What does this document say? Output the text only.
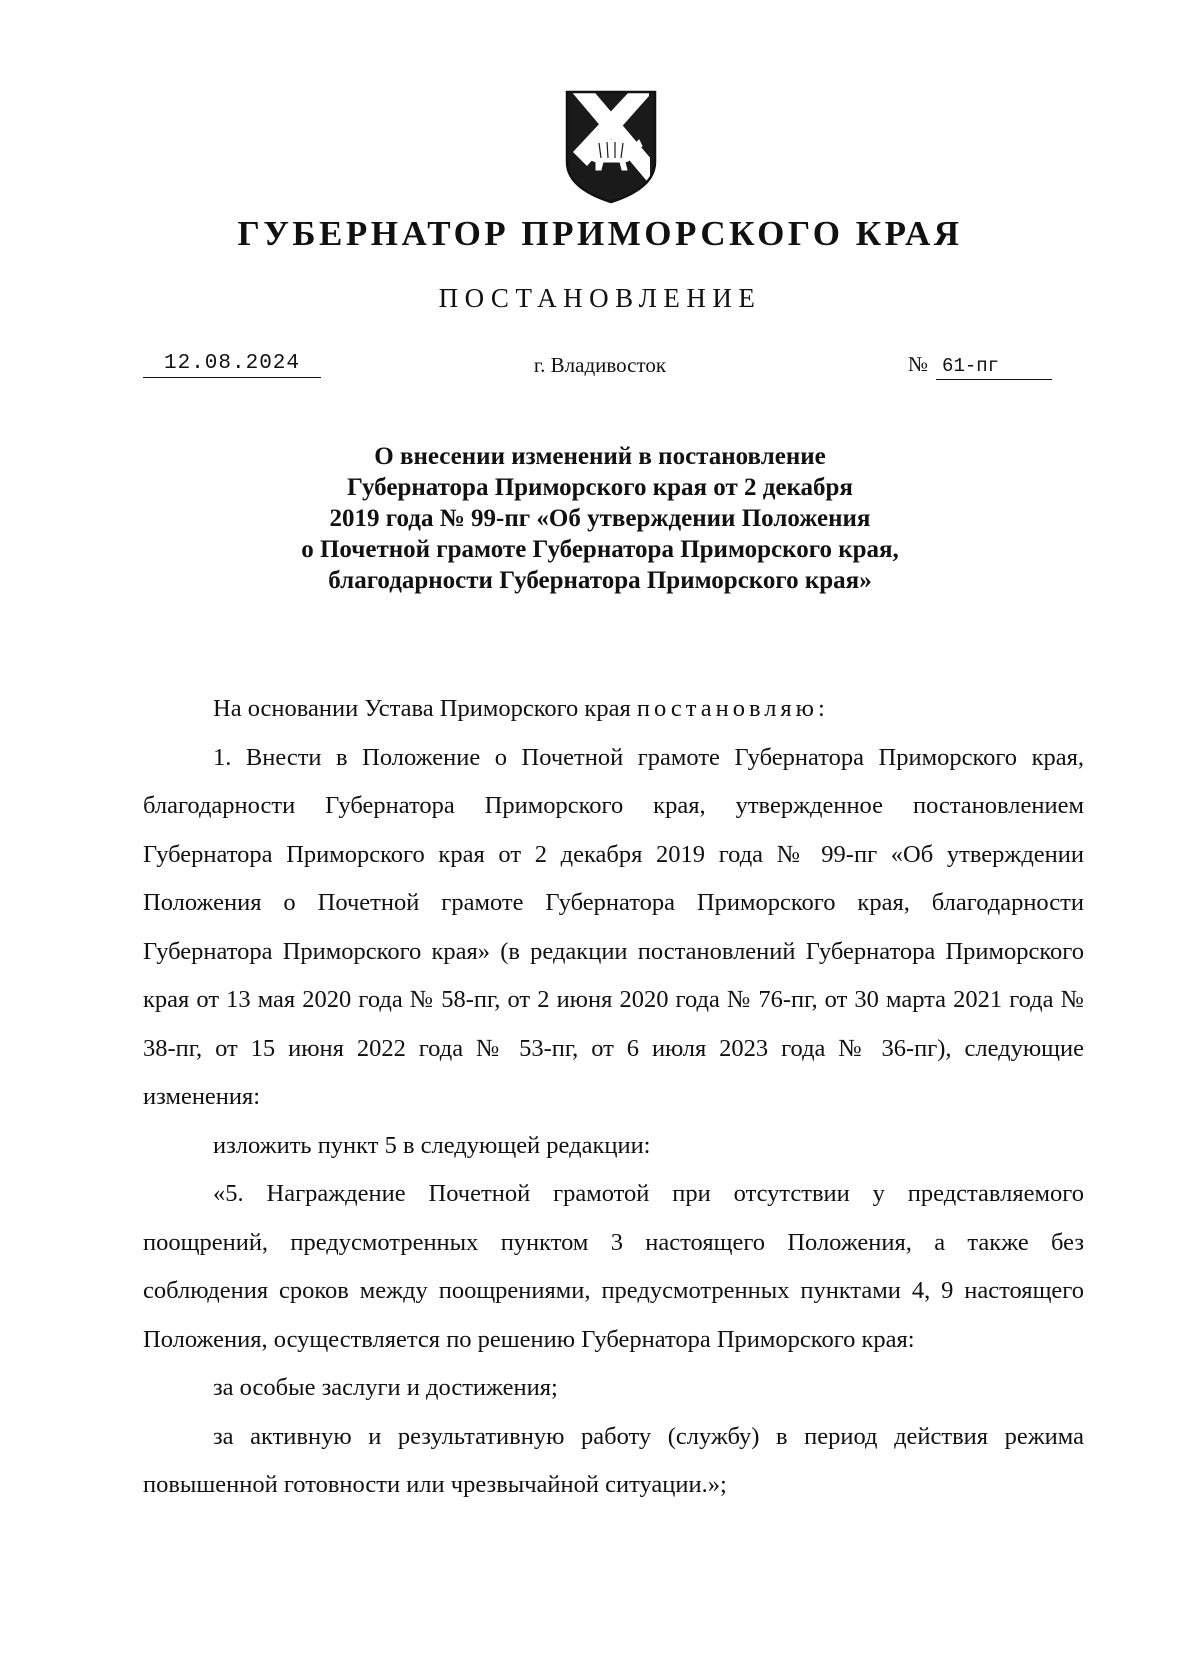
ГУБЕРНАТОР ПРИМОРСКОГО КРАЯ
ПОСТАНОВЛЕНИЕ
12.08.2024	г. Владивосток	№ 61-пг
О внесении изменений в постановление
Губернатора Приморского края от 2 декабря
2019 года № 99-пг «Об утверждении Положения
о Почетной грамоте Губернатора Приморского края,
благодарности Губернатора Приморского края»

На основании Устава Приморского края постановляю:

1. Внести в Положение о Почетной грамоте Губернатора Приморского края, благодарности Губернатора Приморского края, утвержденное постановлением Губернатора Приморского края от 2 декабря 2019 года № 99-пг «Об утверждении Положения о Почетной грамоте Губернатора Приморского края, благодарности Губернатора Приморского края» (в редакции постановлений Губернатора Приморского края от 13 мая 2020 года № 58-пг, от 2 июня 2020 года № 76-пг, от 30 марта 2021 года № 38-пг, от 15 июня 2022 года № 53-пг, от 6 июля 2023 года № 36-пг), следующие изменения:

изложить пункт 5 в следующей редакции:

«5. Награждение Почетной грамотой при отсутствии у представляемого поощрений, предусмотренных пунктом 3 настоящего Положения, а также без соблюдения сроков между поощрениями, предусмотренных пунктами 4, 9 настоящего Положения, осуществляется по решению Губернатора Приморского края:

за особые заслуги и достижения;

за активную и результативную работу (службу) в период действия режима повышенной готовности или чрезвычайной ситуации.»;
